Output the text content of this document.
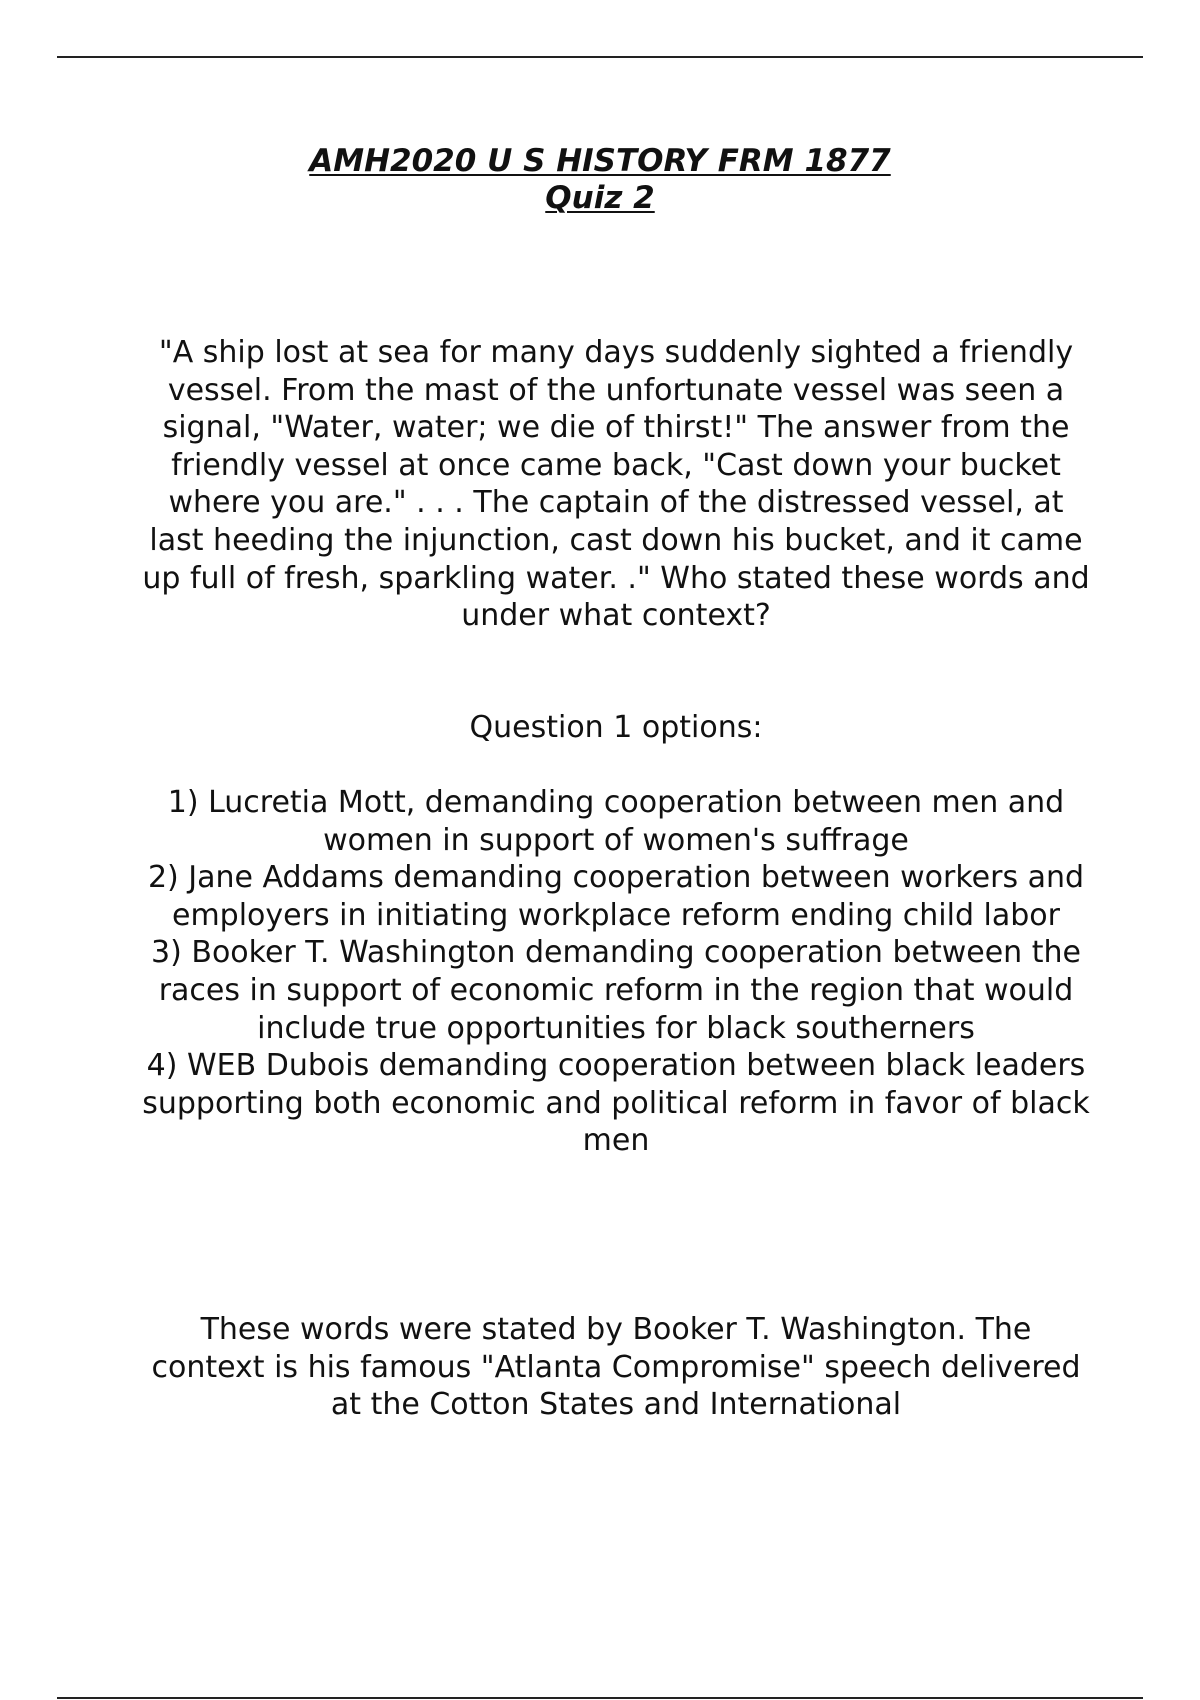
AMH2020 U S HISTORY FRM 1877
Quiz 2
"A ship lost at sea for many days suddenly sighted a friendly vessel. From the mast of the unfortunate vessel was seen a signal, "Water, water; we die of thirst!" The answer from the friendly vessel at once came back, "Cast down your bucket where you are." . . . The captain of the distressed vessel, at last heeding the injunction, cast down his bucket, and it came up full of fresh, sparkling water. ." Who stated these words and under what context?
Question 1 options:
1) Lucretia Mott, demanding cooperation between men and women in support of women's suffrage
2) Jane Addams demanding cooperation between workers and employers in initiating workplace reform ending child labor
3) Booker T. Washington demanding cooperation between the races in support of economic reform in the region that would include true opportunities for black southerners
4) WEB Dubois demanding cooperation between black leaders supporting both economic and political reform in favor of black men
These words were stated by Booker T. Washington. The context is his famous "Atlanta Compromise" speech delivered at the Cotton States and International
